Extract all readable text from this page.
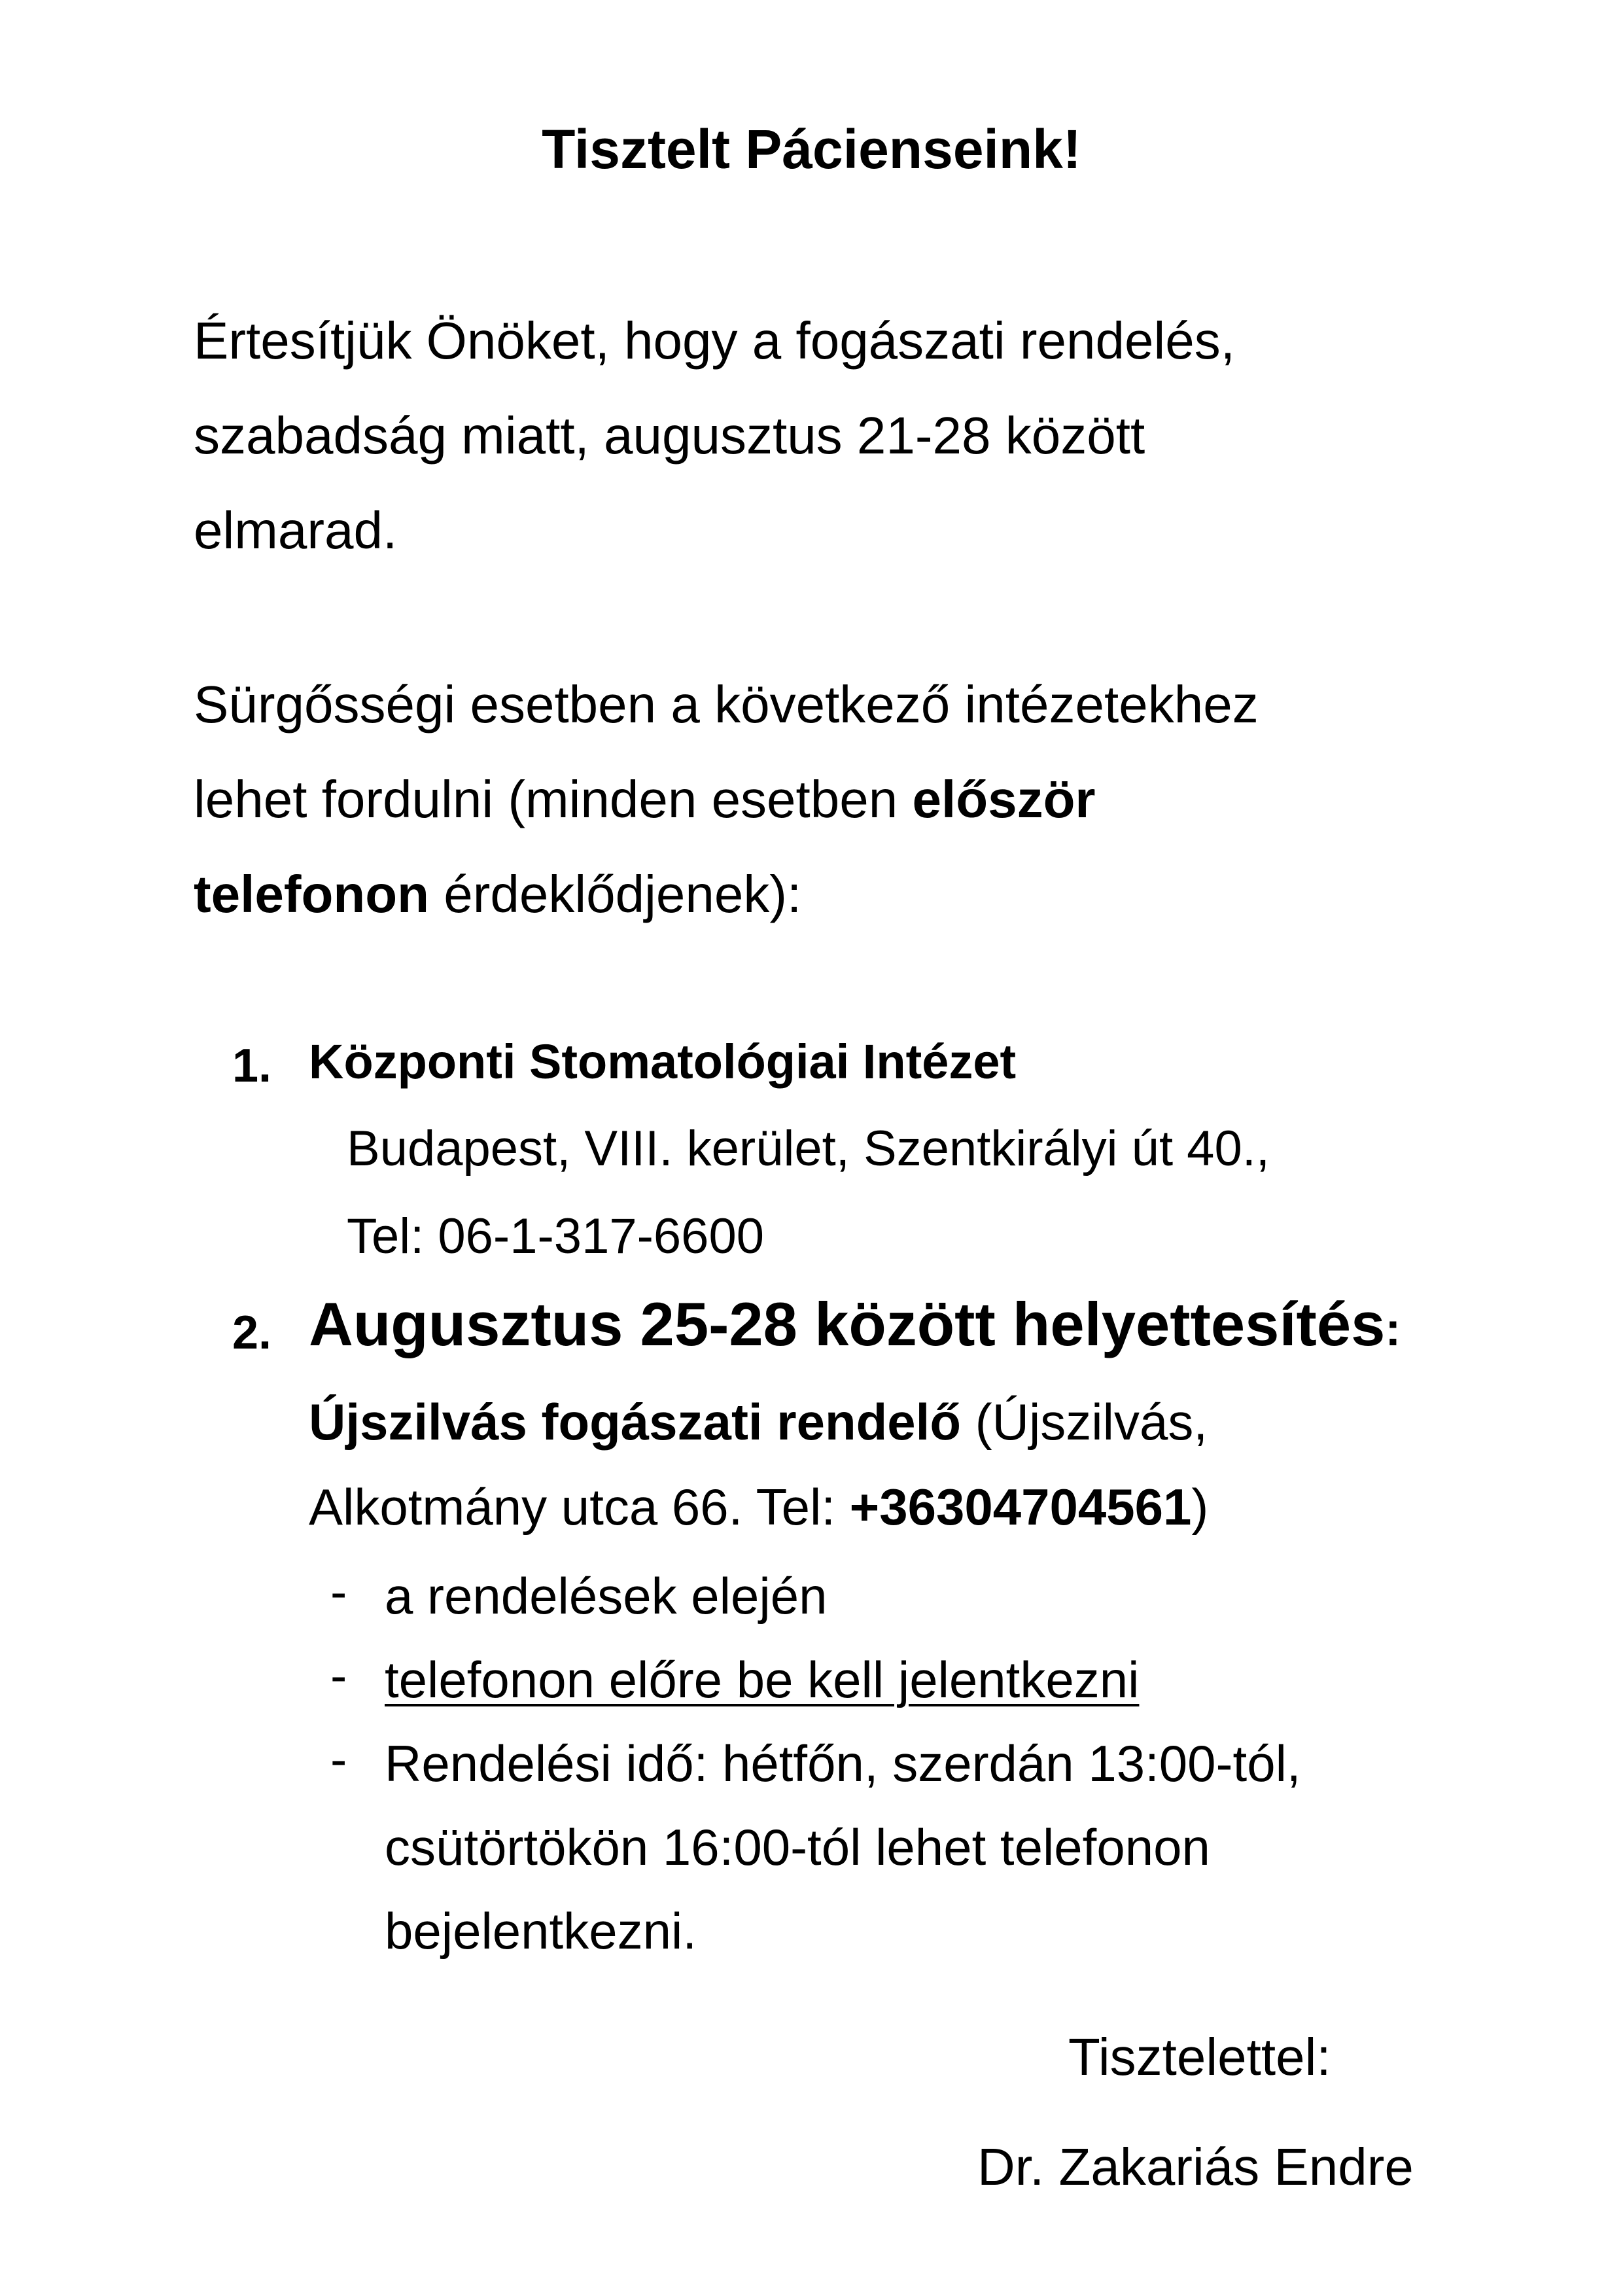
Tisztelt Pácienseink!
Értesítjük Önöket, hogy a fogászati rendelés,
szabadság miatt, augusztus 21-28 között
elmarad.
Sürgősségi esetben a következő intézetekhez
lehet fordulni (minden esetben először
telefonon érdeklődjenek):
1. Központi Stomatológiai Intézet
Budapest, VIII. kerület, Szentkirályi út 40.,
Tel: 06-1-317-6600
2. Augusztus 25-28 között helyettesítés:
Újszilvás fogászati rendelő (Újszilvás,
Alkotmány utca 66. Tel: +36304704561)
- a rendelések elején
- telefonon előre be kell jelentkezni
- Rendelési idő: hétfőn, szerdán 13:00-tól,
csütörtökön 16:00-tól lehet telefonon
bejelentkezni.
Tisztelettel:
Dr. Zakariás Endre
